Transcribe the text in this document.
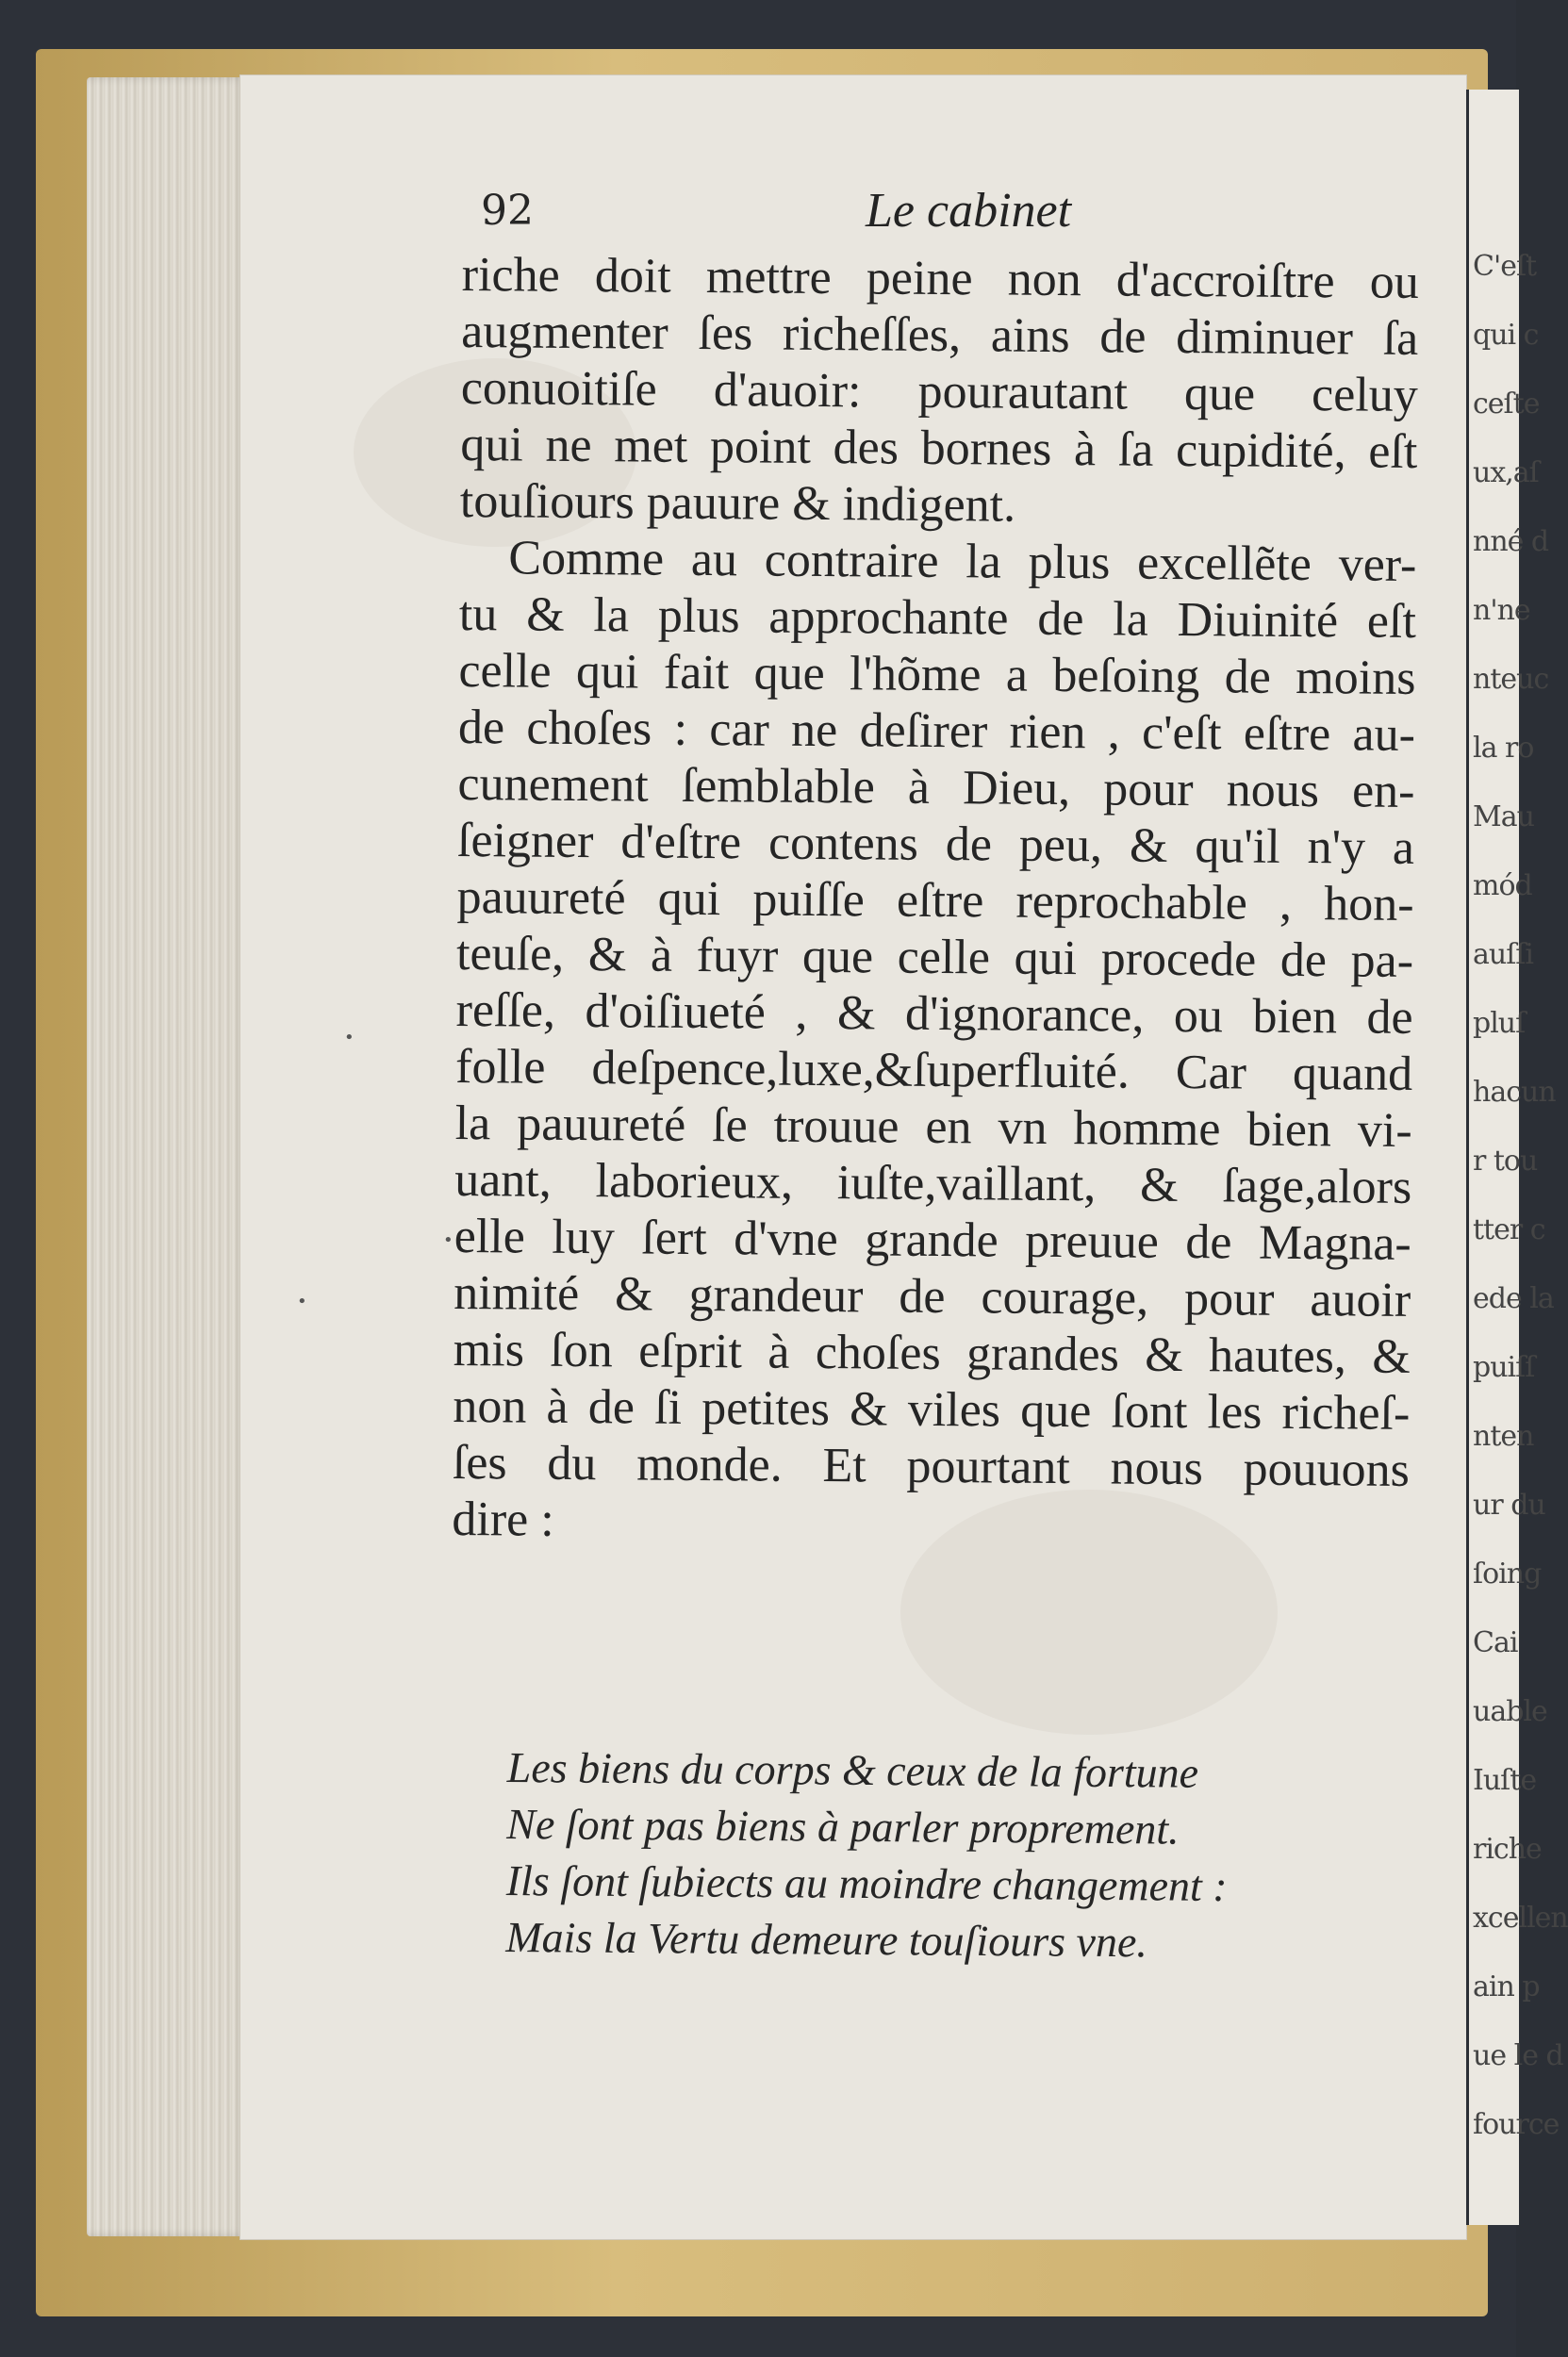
•
•
•
C'eſt
qui c
ceſte
ux,aſ
nné d
n'ne
nteuc
la ro
Mau
mód
auſſi
pluſ
hacun
r tou
tter c
ede la
puiſſ
nten
ur du
ſoing
Cai
uable
Iuſte
riche
xcellen
ain p
ue le d
fource
92	Le cabinet
riche doit mettre peine non d'accroiſtre ou
augmenter ſes richeſſes, ains de diminuer ſa
conuoitiſe d'auoir: pourautant que celuy
qui ne met point des bornes à ſa cupidité, eſt
touſiours pauure & indigent.
Comme au contraire la plus excellẽte ver-
tu & la plus approchante de la Diuinité eſt
celle qui fait que l'hõme a beſoing de moins
de choſes : car ne deſirer rien , c'eſt eſtre au-
cunement ſemblable à Dieu, pour nous en-
ſeigner d'eſtre contens de peu, & qu'il n'y a
pauureté qui puiſſe eſtre reprochable , hon-
teuſe, & à fuyr que celle qui procede de pa-
reſſe, d'oiſiueté , & d'ignorance, ou bien de
folle deſpence,luxe,&ſuperfluité. Car quand
la pauureté ſe trouue en vn homme bien vi-
uant, laborieux, iuſte,vaillant, & ſage,alors
elle luy ſert d'vne grande preuue de Magna-
nimité & grandeur de courage, pour auoir
mis ſon eſprit à choſes grandes & hautes, &
non à de ſi petites & viles que ſont les richeſ-
ſes du monde. Et pourtant nous pouuons
dire :
Les biens du corps & ceux de la fortune
Ne ſont pas biens à parler proprement.
Ils ſont ſubiects au moindre changement :
Mais la Vertu demeure touſiours vne.
